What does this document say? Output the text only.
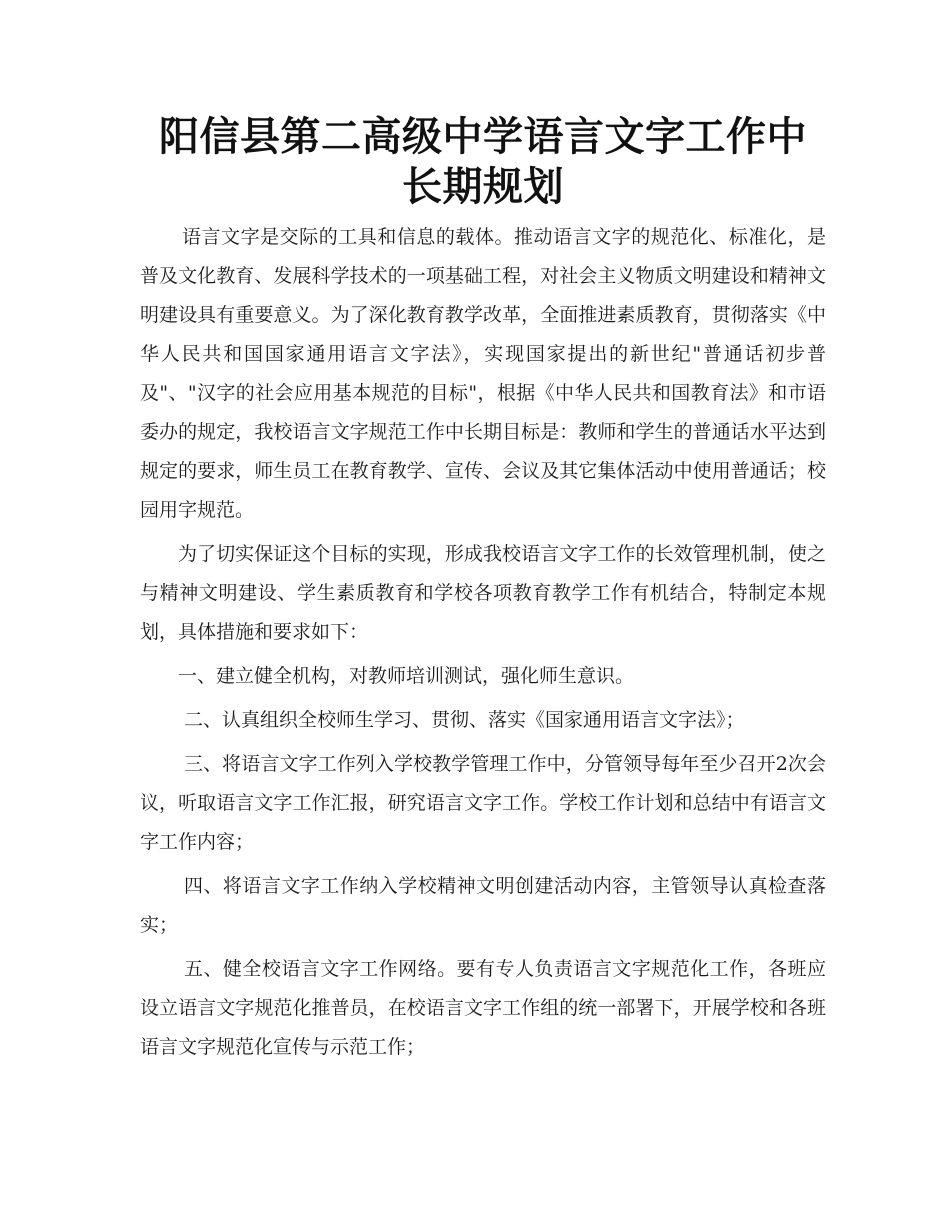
阳信县第二高级中学语言文字工作中
长期规划

语言文字是交际的工具和信息的载体。推动语言文字的规范化、标准化，是普及文化教育、发展科学技术的一项基础工程，对社会主义物质文明建设和精神文明建设具有重要意义。为了深化教育教学改革，全面推进素质教育，贯彻落实《中华人民共和国国家通用语言文字法》，实现国家提出的新世纪"普通话初步普及"、"汉字的社会应用基本规范的目标"，根据《中华人民共和国教育法》和市语委办的规定，我校语言文字规范工作中长期目标是：教师和学生的普通话水平达到规定的要求，师生员工在教育教学、宣传、会议及其它集体活动中使用普通话；校园用字规范。

为了切实保证这个目标的实现，形成我校语言文字工作的长效管理机制，使之与精神文明建设、学生素质教育和学校各项教育教学工作有机结合，特制定本规划，具体措施和要求如下：

一、建立健全机构，对教师培训测试，强化师生意识。

二、认真组织全校师生学习、贯彻、落实《国家通用语言文字法》；

三、将语言文字工作列入学校教学管理工作中，分管领导每年至少召开2次会议，听取语言文字工作汇报，研究语言文字工作。学校工作计划和总结中有语言文字工作内容；

四、将语言文字工作纳入学校精神文明创建活动内容，主管领导认真检查落实；

五、健全校语言文字工作网络。要有专人负责语言文字规范化工作，各班应设立语言文字规范化推普员，在校语言文字工作组的统一部署下，开展学校和各班语言文字规范化宣传与示范工作；
